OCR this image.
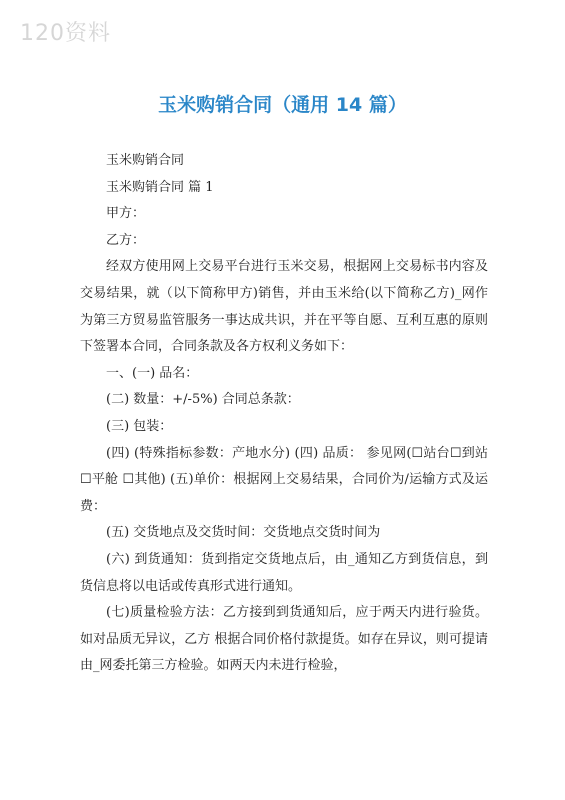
120资料
玉米购销合同（通用 14 篇）

玉米购销合同

玉米购销合同 篇 1

甲方：

乙方：

经双方使用网上交易平台进行玉米交易，根据网上交易标书内容及交易结果，就（以下简称甲方)销售，并由玉米给(以下简称乙方)_网作为第三方贸易监管服务一事达成共识，并在平等自愿、互利互惠的原则下签署本合同，合同条款及各方权利义务如下：

一、(一) 品名：

(二) 数量：+/-5%) 合同总条款：

(三) 包装：

(四) (特殊指标参数：产地水分) (四) 品质： 参见网(☐站台☐到站 ☐平舱 ☐其他) (五)单价：根据网上交易结果，合同价为/运输方式及运费：

(五) 交货地点及交货时间：交货地点交货时间为

(六) 到货通知：货到指定交货地点后，由_通知乙方到货信息，到货信息将以电话或传真形式进行通知。

(七)质量检验方法：乙方接到到货通知后，应于两天内进行验货。如对品质无异议，乙方 根据合同价格付款提货。如存在异议，则可提请由_网委托第三方检验。如两天内未进行检验，
